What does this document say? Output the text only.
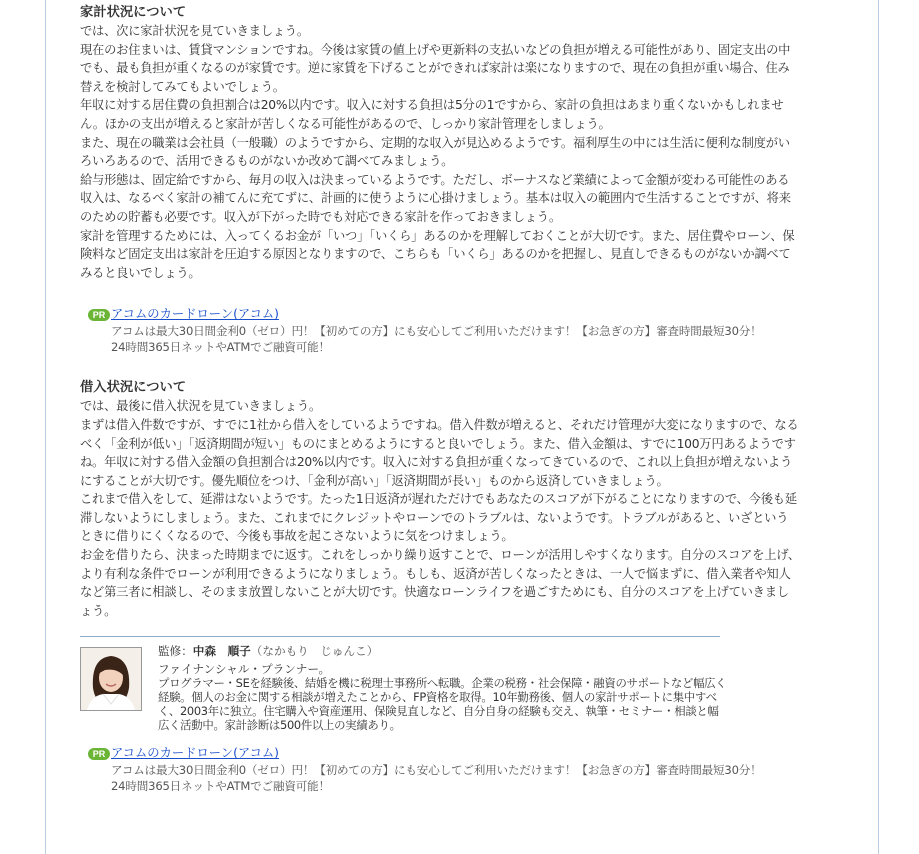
家計状況について

では、次に家計状況を見ていきましょう。

現在のお住まいは、賃貸マンションですね。今後は家賃の値上げや更新料の支払いなどの負担が増える可能性があり、固定支出の中でも、最も負担が重くなるのが家賃です。逆に家賃を下げることができれば家計は楽になりますので、現在の負担が重い場合、住み替えを検討してみてもよいでしょう。

年収に対する居住費の負担割合は20%以内です。収入に対する負担は5分の1ですから、家計の負担はあまり重くないかもしれません。ほかの支出が増えると家計が苦しくなる可能性があるので、しっかり家計管理をしましょう。

また、現在の職業は会社員（一般職）のようですから、定期的な収入が見込めるようです。福利厚生の中には生活に便利な制度がいろいろあるので、活用できるものがないか改めて調べてみましょう。

給与形態は、固定給ですから、毎月の収入は決まっているようです。ただし、ボーナスなど業績によって金額が変わる可能性のある収入は、なるべく家計の補てんに充てずに、計画的に使うように心掛けましょう。基本は収入の範囲内で生活することですが、将来のための貯蓄も必要です。収入が下がった時でも対応できる家計を作っておきましょう。

家計を管理するためには、入ってくるお金が「いつ」「いくら」あるのかを理解しておくことが大切です。また、居住費やローン、保険料など固定支出は家計を圧迫する原因となりますので、こちらも「いくら」あるのかを把握し、見直しできるものがないか調べてみると良いでしょう。

PR アコムのカードローン(アコム)
アコムは最大30日間金利0（ゼロ）円！【初めての方】にも安心してご利用いただけます！【お急ぎの方】審査時間最短30分！24時間365日ネットやATMでご融資可能！
借入状況について

では、最後に借入状況を見ていきましょう。

まずは借入件数ですが、すでに1社から借入をしているようですね。借入件数が増えると、それだけ管理が大変になりますので、なるべく「金利が低い」「返済期間が短い」ものにまとめるようにすると良いでしょう。また、借入金額は、すでに100万円あるようですね。年収に対する借入金額の負担割合は20%以内です。収入に対する負担が重くなってきているので、これ以上負担が増えないようにすることが大切です。優先順位をつけ、「金利が高い」「返済期間が長い」ものから返済していきましょう。

これまで借入をして、延滞はないようです。たった1日返済が遅れただけでもあなたのスコアが下がることになりますので、今後も延滞しないようにしましょう。また、これまでにクレジットやローンでのトラブルは、ないようです。トラブルがあると、いざというときに借りにくくなるので、今後も事故を起こさないように気をつけましょう。

お金を借りたら、決まった時期までに返す。これをしっかり繰り返すことで、ローンが活用しやすくなります。自分のスコアを上げ、より有利な条件でローンが利用できるようになりましょう。もしも、返済が苦しくなったときは、一人で悩まずに、借入業者や知人など第三者に相談し、そのまま放置しないことが大切です。快適なローンライフを過ごすためにも、自分のスコアを上げていきましょう。

監修：中森　順子（なかもり　じゅんこ）
ファイナンシャル・プランナー。
プログラマー・SEを経験後、結婚を機に税理士事務所へ転職。企業の税務・社会保障・融資のサポートなど幅広く経験。個人のお金に関する相談が増えたことから、FP資格を取得。10年勤務後、個人の家計サポートに集中すべく、2003年に独立。住宅購入や資産運用、保険見直しなど、自分自身の経験も交え、執筆・セミナー・相談と幅広く活動中。家計診断は500件以上の実績あり。
PR アコムのカードローン(アコム)
アコムは最大30日間金利0（ゼロ）円！【初めての方】にも安心してご利用いただけます！【お急ぎの方】審査時間最短30分！24時間365日ネットやATMでご融資可能！
